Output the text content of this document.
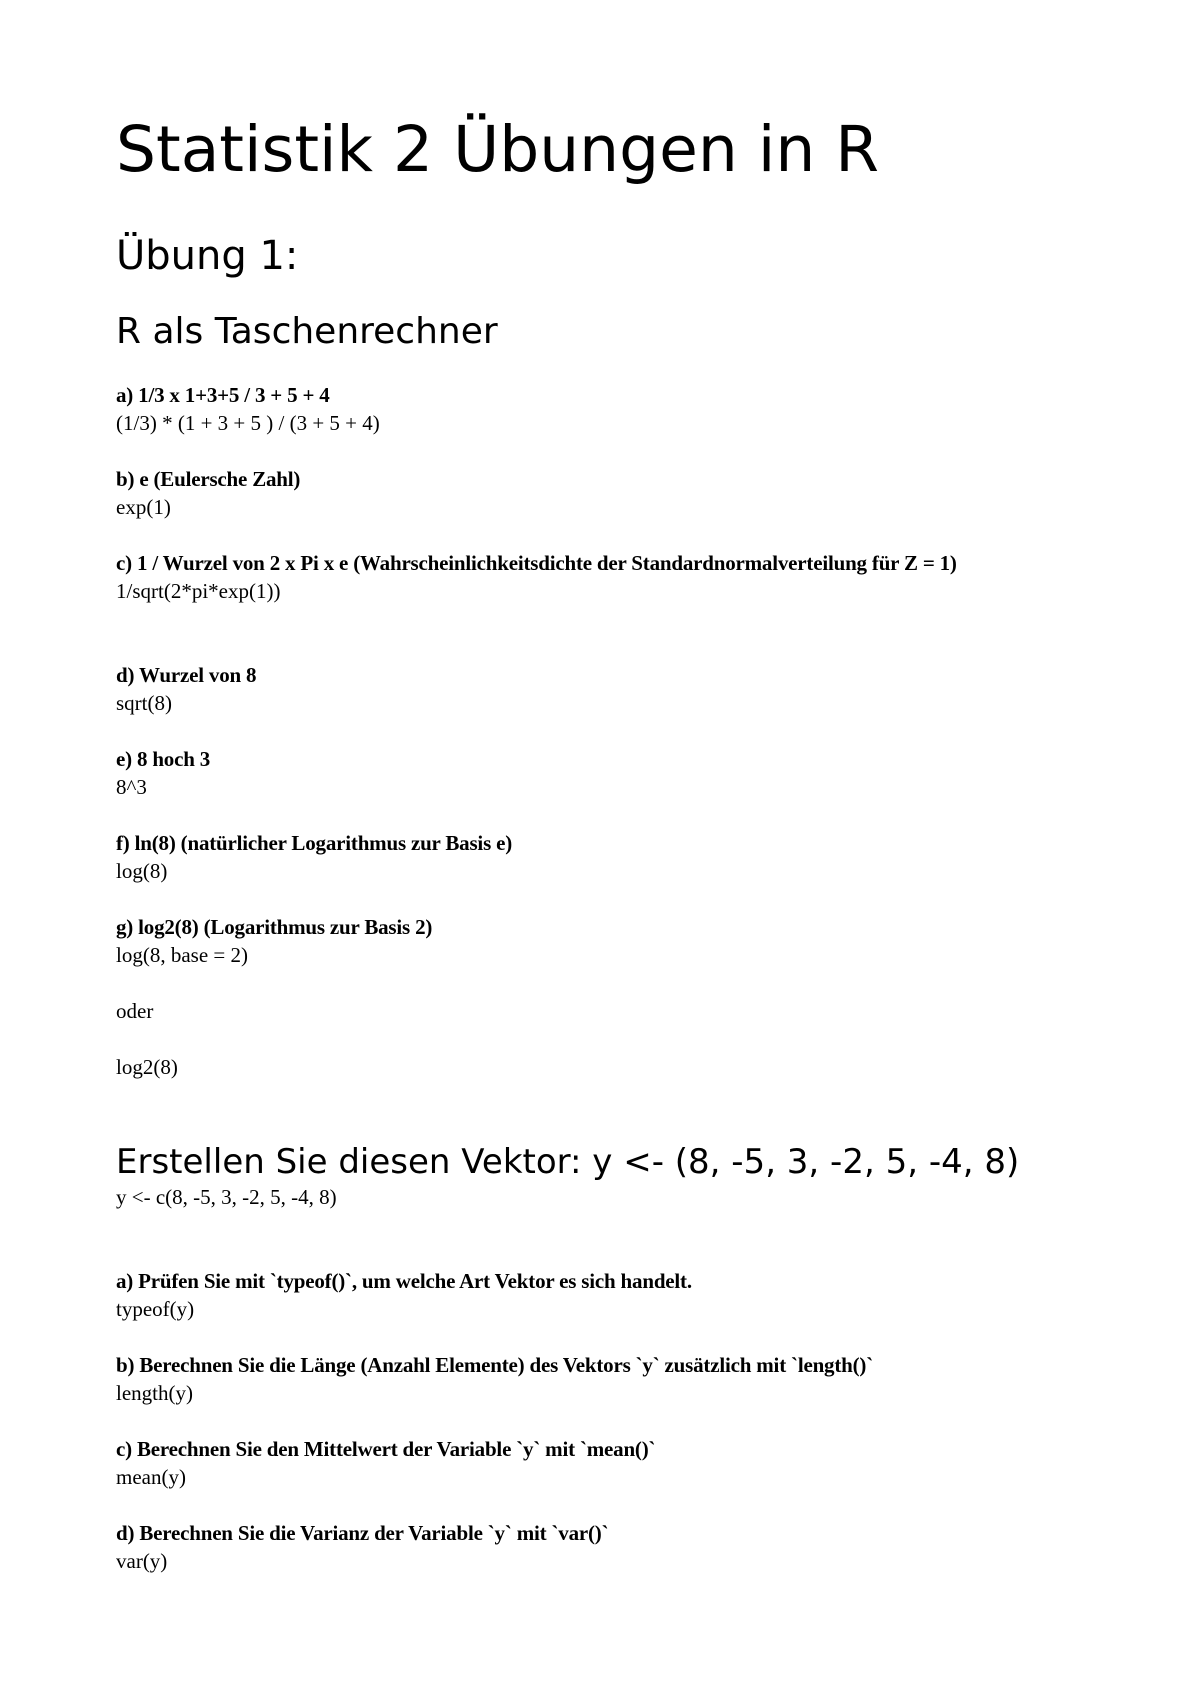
Statistik 2 Übungen in R
Übung 1:
R als Taschenrechner
a) 1/3 x 1+3+5 / 3 + 5 + 4
(1/3) * (1 + 3 + 5 ) / (3 + 5 + 4)
b) e (Eulersche Zahl)
exp(1)
c) 1 / Wurzel von 2 x Pi x e (Wahrscheinlichkeitsdichte der Standardnormalverteilung für Z = 1)
1/sqrt(2*pi*exp(1))
d) Wurzel von 8
sqrt(8)
e) 8 hoch 3
8^3
f) ln(8) (natürlicher Logarithmus zur Basis e)
log(8)
g) log2(8) (Logarithmus zur Basis 2)
log(8, base = 2)
oder
log2(8)
Erstellen Sie diesen Vektor: y <- (8, -5, 3, -2, 5, -4, 8)
y <- c(8, -5, 3, -2, 5, -4, 8)
a) Prüfen Sie mit `typeof()`, um welche Art Vektor es sich handelt.
typeof(y)
b) Berechnen Sie die Länge (Anzahl Elemente) des Vektors `y` zusätzlich mit `length()`
length(y)
c) Berechnen Sie den Mittelwert der Variable `y` mit `mean()`
mean(y)
d) Berechnen Sie die Varianz der Variable `y` mit `var()`
var(y)
